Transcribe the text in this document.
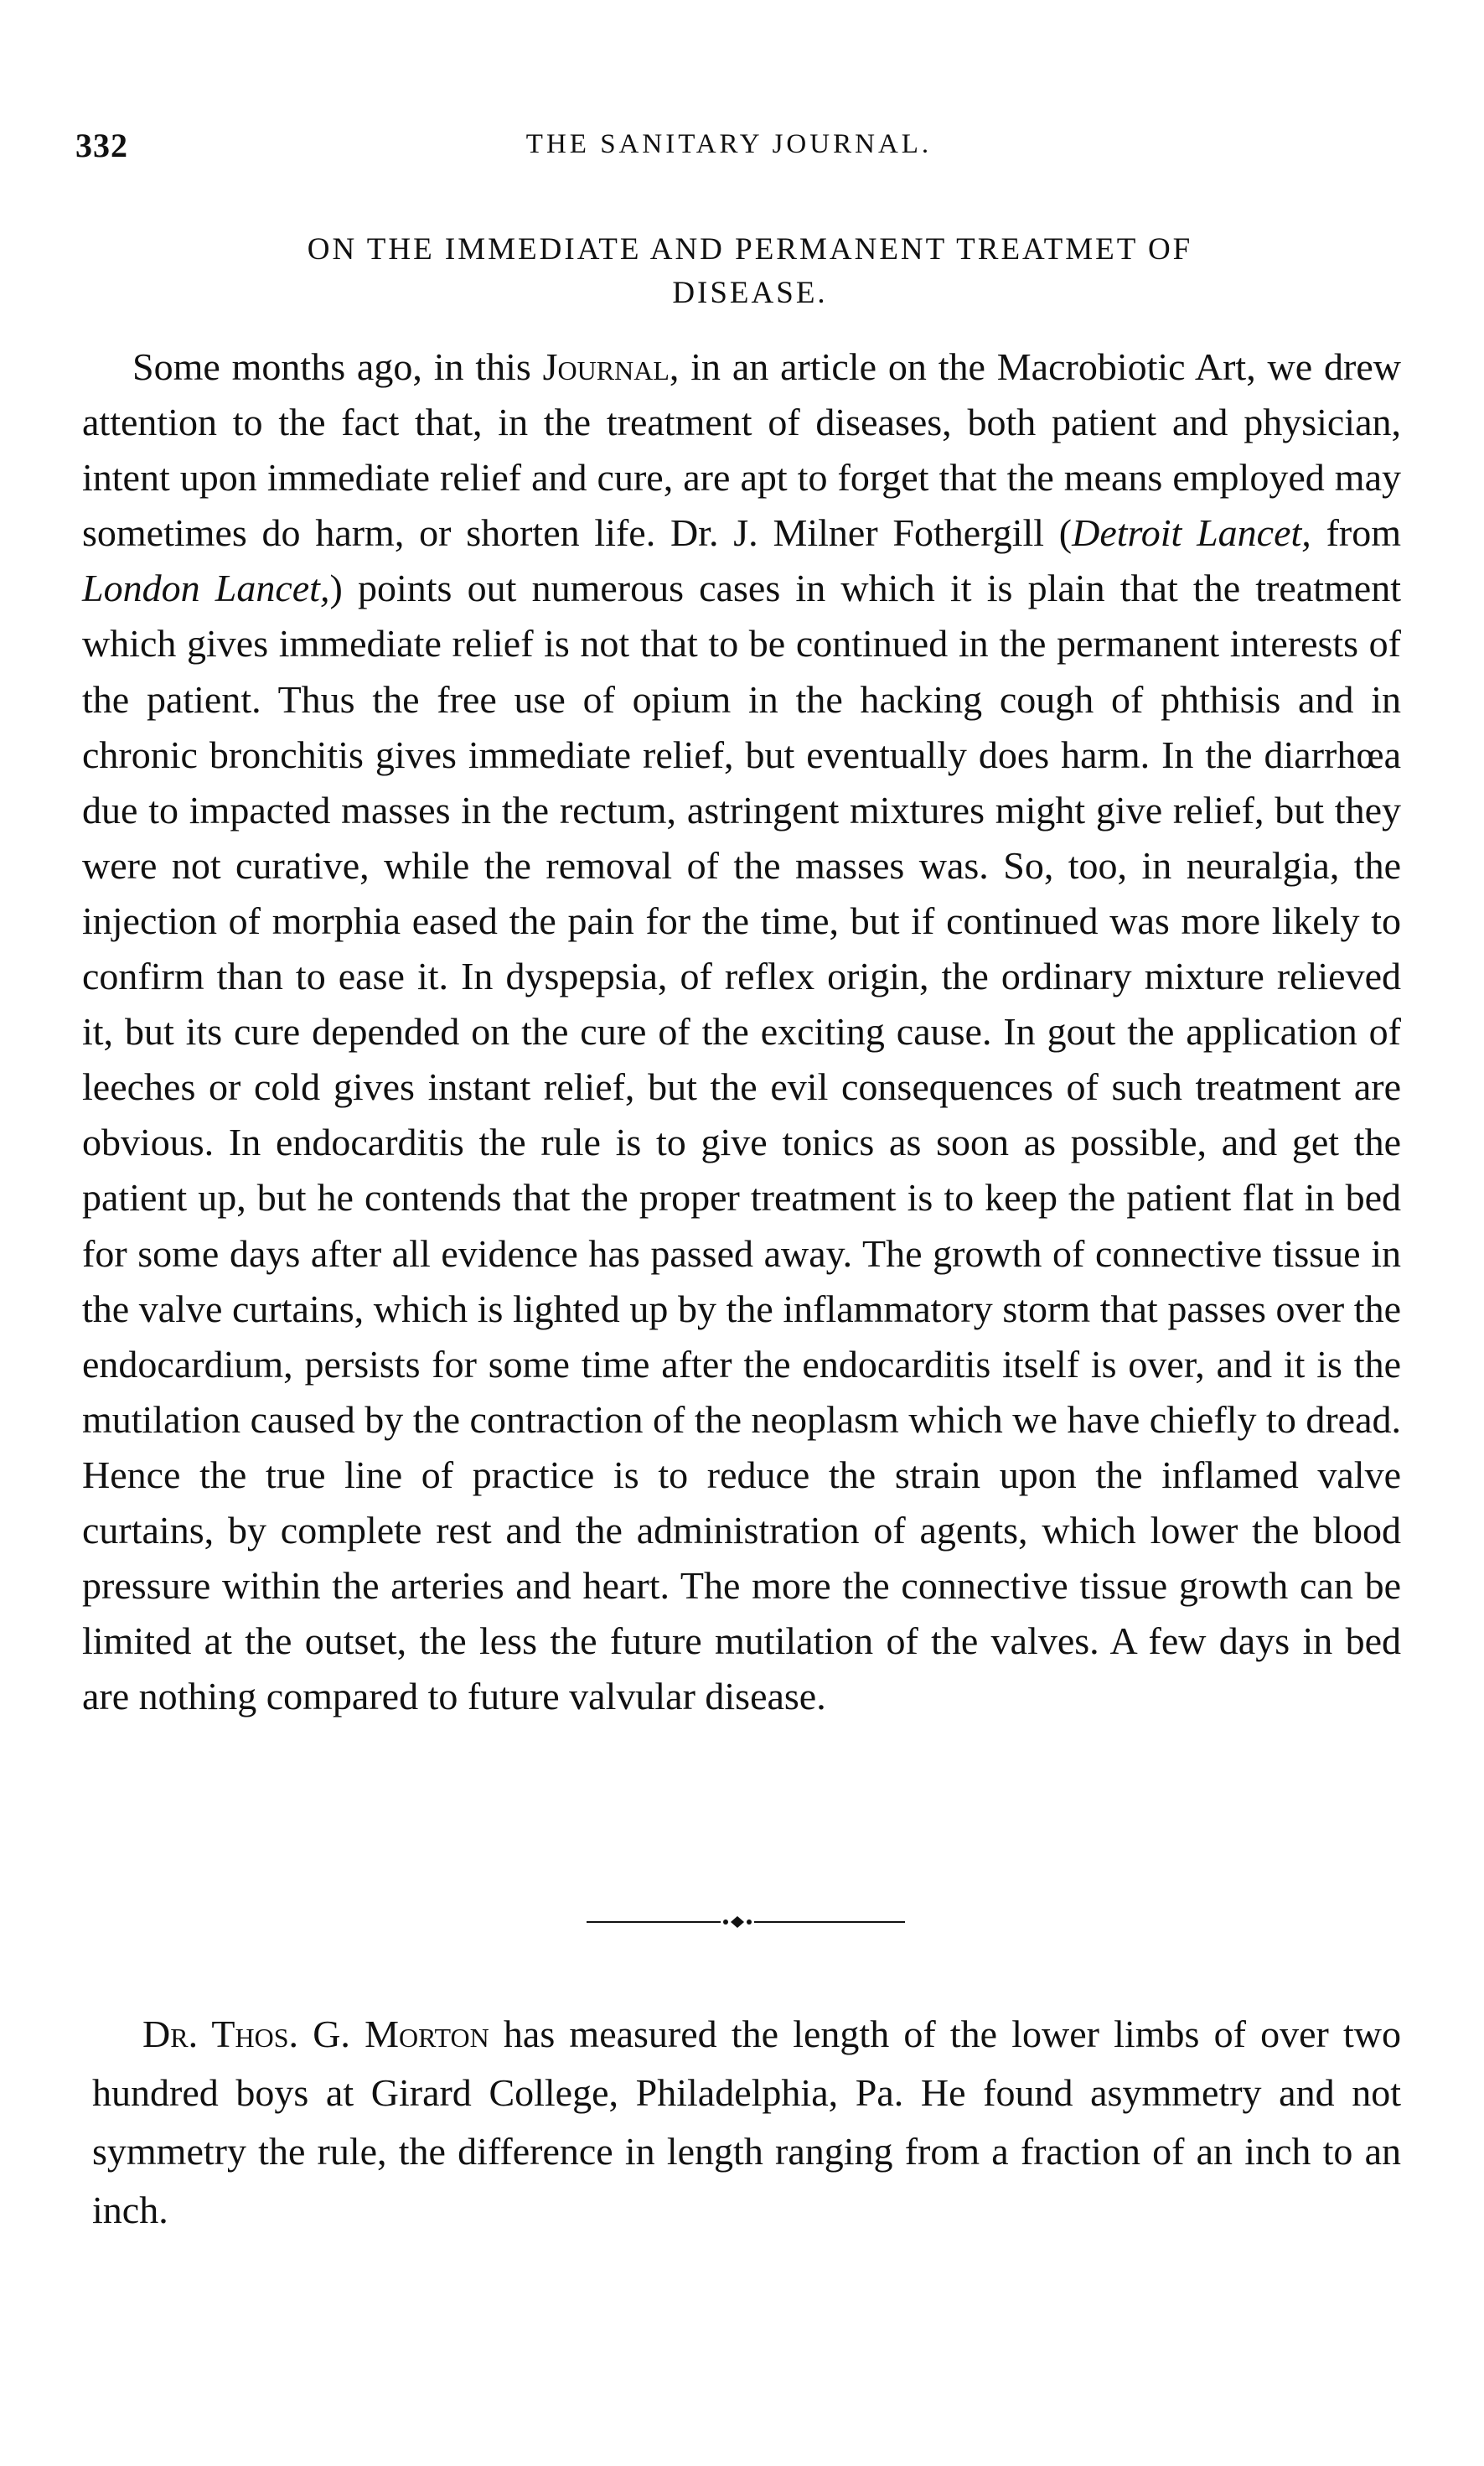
332	THE SANITARY JOURNAL.
ON THE IMMEDIATE AND PERMANENT TREATMET OF
DISEASE.

Some months ago, in this Journal, in an article on the Macrobiotic Art, we drew attention to the fact that, in the treatment of diseases, both patient and physician, intent upon immediate relief and cure, are apt to forget that the means employed may sometimes do harm, or shorten life. Dr. J. Milner Fothergill (Detroit Lancet, from London Lancet,) points out numerous cases in which it is plain that the treatment which gives immediate relief is not that to be continued in the permanent interests of the patient. Thus the free use of opium in the hacking cough of phthisis and in chronic bronchitis gives immediate relief, but eventually does harm. In the diarrhœa due to impacted masses in the rectum, astringent mixtures might give relief, but they were not curative, while the removal of the masses was. So, too, in neuralgia, the injection of morphia eased the pain for the time, but if continued was more likely to confirm than to ease it. In dyspepsia, of reflex origin, the ordinary mixture relieved it, but its cure depended on the cure of the exciting cause. In gout the application of leeches or cold gives instant relief, but the evil consequences of such treatment are obvious. In endocarditis the rule is to give tonics as soon as possible, and get the patient up, but he contends that the proper treatment is to keep the patient flat in bed for some days after all evidence has passed away. The growth of connective tissue in the valve curtains, which is lighted up by the inflammatory storm that passes over the endocardium, persists for some time after the endocarditis itself is over, and it is the mutilation caused by the contraction of the neoplasm which we have chiefly to dread. Hence the true line of practice is to reduce the strain upon the inflamed valve curtains, by complete rest and the administration of agents, which lower the blood pressure within the arteries and heart. The more the connective tissue growth can be limited at the outset, the less the future mutilation of the valves. A few days in bed are nothing compared to future valvular disease.

Dr. Thos. G. Morton has measured the length of the lower limbs of over two hundred boys at Girard College, Philadelphia, Pa. He found asymmetry and not symmetry the rule, the difference in length ranging from a fraction of an inch to an inch.
